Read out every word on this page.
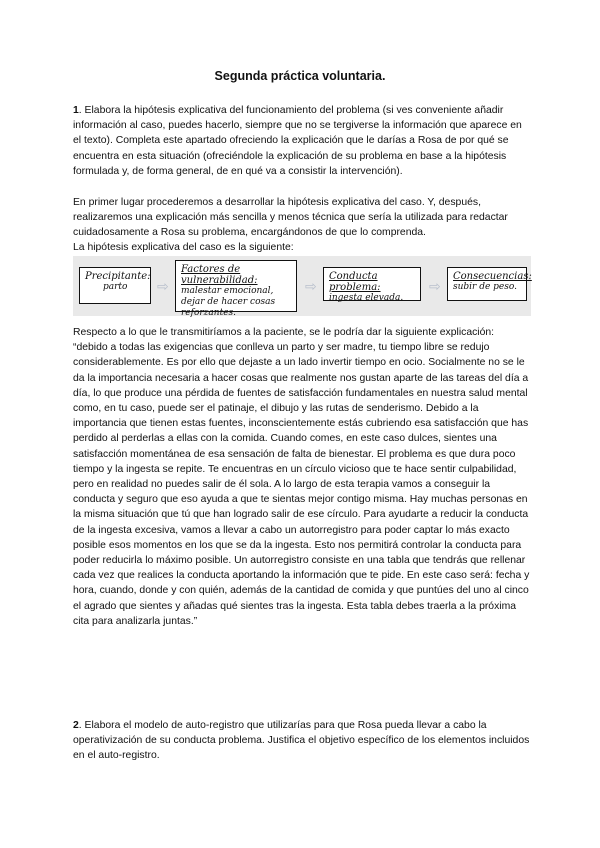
Segunda práctica voluntaria.
1. Elabora la hipótesis explicativa del funcionamiento del problema (si ves conveniente añadir información al caso, puedes hacerlo, siempre que no se tergiverse la información que aparece en el texto). Completa este apartado ofreciendo la explicación que le darías a Rosa de por qué se encuentra en esta situación (ofreciéndole la explicación de su problema en base a la hipótesis formulada y, de forma general, de en qué va a consistir la intervención).
En primer lugar procederemos a desarrollar la hipótesis explicativa del caso. Y, después, realizaremos una explicación más sencilla y menos técnica que sería la utilizada para redactar cuidadosamente a Rosa su problema, encargándonos de que lo comprenda.
La hipótesis explicativa del caso es la siguiente:
Precipitante:
parto	⇨
Factores de vulnerabilidad:
malestar emocional, dejar de hacer cosas reforzantes.
⇨
Conducta problema:
ingesta elevada.
⇨
Consecuencias:
subir de peso.
Respecto a lo que le transmitiríamos a la paciente, se le podría dar la siguiente explicación: “debido a todas las exigencias que conlleva un parto y ser madre, tu tiempo libre se redujo considerablemente. Es por ello que dejaste a un lado invertir tiempo en ocio. Socialmente no se le da la importancia necesaria a hacer cosas que realmente nos gustan aparte de las tareas del día a día, lo que produce una pérdida de fuentes de satisfacción fundamentales en nuestra salud mental como, en tu caso, puede ser el patinaje, el dibujo y las rutas de senderismo. Debido a la importancia que tienen estas fuentes, inconscientemente estás cubriendo esa satisfacción que has perdido al perderlas a ellas con la comida. Cuando comes, en este caso dulces, sientes una satisfacción momentánea de esa sensación de falta de bienestar. El problema es que dura poco tiempo y la ingesta se repite. Te encuentras en un círculo vicioso que te hace sentir culpabilidad, pero en realidad no puedes salir de él sola. A lo largo de esta terapia vamos a conseguir la conducta y seguro que eso ayuda a que te sientas mejor contigo misma. Hay muchas personas en la misma situación que tú que han logrado salir de ese círculo. Para ayudarte a reducir la conducta de la ingesta excesiva, vamos a llevar a cabo un autorregistro para poder captar lo más exacto posible esos momentos en los que se da la ingesta. Esto nos permitirá controlar la conducta para poder reducirla lo máximo posible. Un autorregistro consiste en una tabla que tendrás que rellenar cada vez que realices la conducta aportando la información que te pide. En este caso será: fecha y hora, cuando, donde y con quién, además de la cantidad de comida y que puntúes del uno al cinco el agrado que sientes y añadas qué sientes tras la ingesta. Esta tabla debes traerla a la próxima cita para analizarla juntas.”
2. Elabora el modelo de auto-registro que utilizarías para que Rosa pueda llevar a cabo la operativización de su conducta problema. Justifica el objetivo específico de los elementos incluidos en el auto-registro.
